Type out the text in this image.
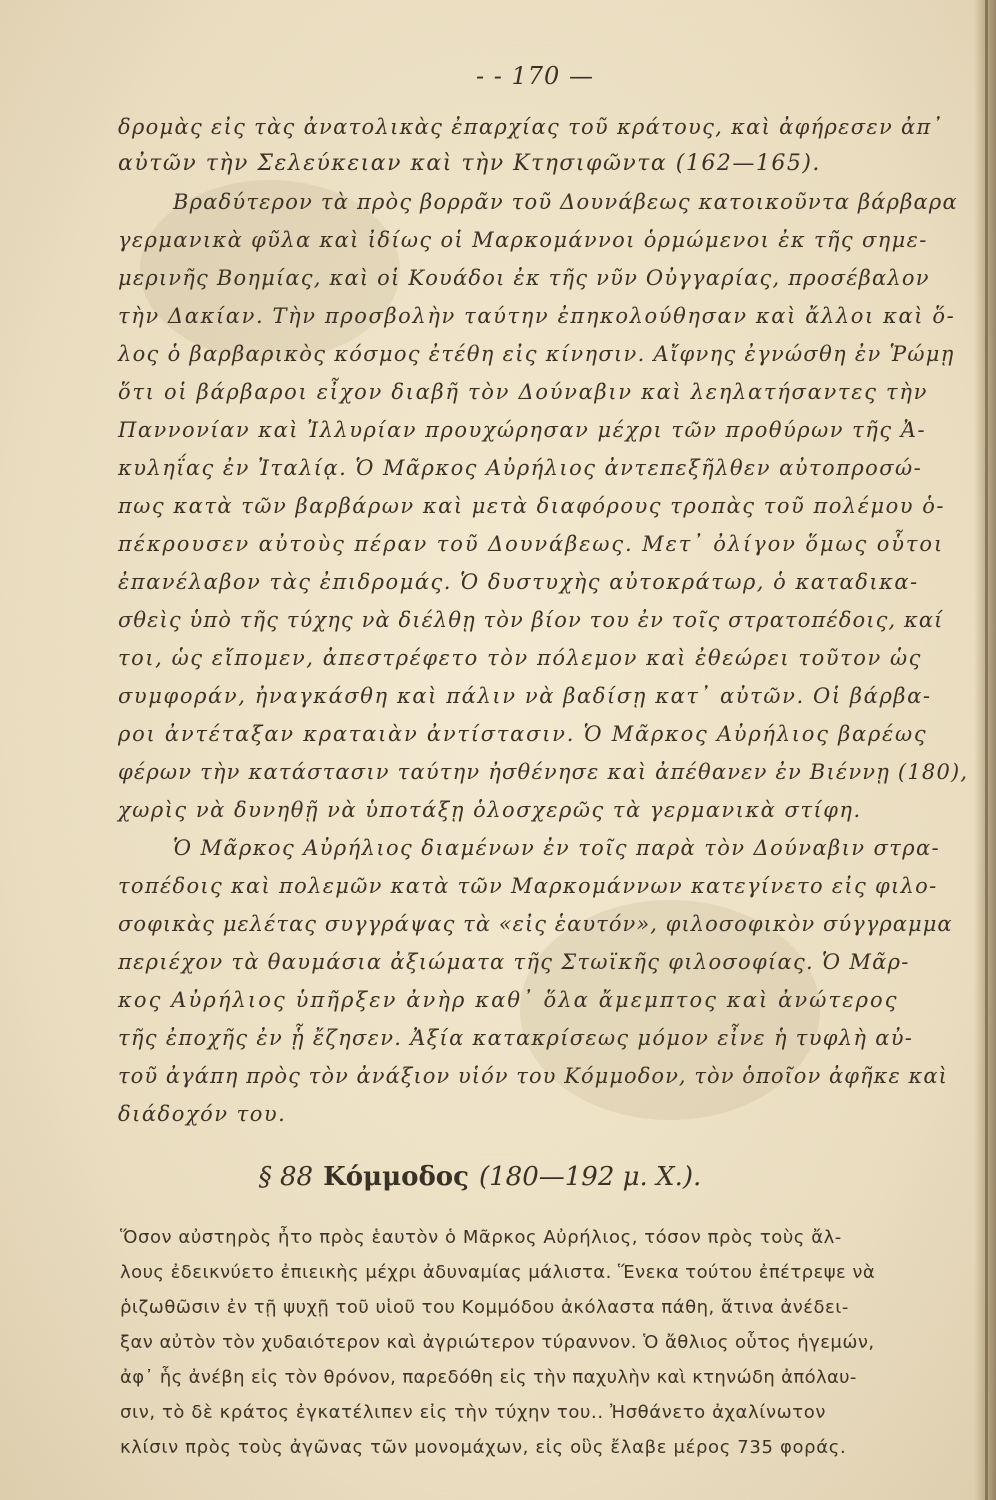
- - 170 —
δρομὰς εἰς τὰς ἀνατολικὰς ἐπαρχίας τοῦ κράτους, καὶ ἀφήρεσεν ἀπ᾽
αὐτῶν τὴν Σελεύκειαν καὶ τὴν Κτησιφῶντα (162—165).
Βραδύτερον τὰ πρὸς βορρᾶν τοῦ Δουνάβεως κατοικοῦντα βάρβαρα
γερμανικὰ φῦλα καὶ ἰδίως οἱ Μαρκομάννοι ὁρμώμενοι ἐκ τῆς σημε-
μερινῆς Βοημίας, καὶ οἱ Κουάδοι ἐκ τῆς νῦν Οὐγγαρίας, προσέβαλον
τὴν Δακίαν. Τὴν προσβολὴν ταύτην ἐπηκολούθησαν καὶ ἄλλοι καὶ ὅ-
λος ὁ βαρβαρικὸς κόσμος ἐτέθη εἰς κίνησιν. Αἴφνης ἐγνώσθη ἐν Ῥώμῃ
ὅτι οἱ βάρβαροι εἶχον διαβῆ τὸν Δούναβιν καὶ λεηλατήσαντες τὴν
Παννονίαν καὶ Ἰλλυρίαν προυχώρησαν μέχρι τῶν προθύρων τῆς Ἀ-
κυληΐας ἐν Ἰταλίᾳ. Ὁ Μᾶρκος Αὐρήλιος ἀντεπεξῆλθεν αὐτοπροσώ-
πως κατὰ τῶν βαρβάρων καὶ μετὰ διαφόρους τροπὰς τοῦ πολέμου ὁ-
πέκρουσεν αὐτοὺς πέραν τοῦ Δουνάβεως. Μετ᾽ ὀλίγον ὅμως οὗτοι
ἐπανέλαβον τὰς ἐπιδρομάς. Ὁ δυστυχὴς αὐτοκράτωρ, ὁ καταδικα-
σθεὶς ὑπὸ τῆς τύχης νὰ διέλθῃ τὸν βίον του ἐν τοῖς στρατοπέδοις, καί
τοι, ὡς εἴπομεν, ἀπεστρέφετο τὸν πόλεμον καὶ ἐθεώρει τοῦτον ὡς
συμφοράν, ἠναγκάσθη καὶ πάλιν νὰ βαδίσῃ κατ᾽ αὐτῶν. Οἱ βάρβα-
ροι ἀντέταξαν κραταιὰν ἀντίστασιν. Ὁ Μᾶρκος Αὐρήλιος βαρέως
φέρων τὴν κατάστασιν ταύτην ἠσθένησε καὶ ἀπέθανεν ἐν Βιέννῃ (180),
χωρὶς νὰ δυνηθῇ νὰ ὑποτάξῃ ὁλοσχερῶς τὰ γερμανικὰ στίφη.
Ὁ Μᾶρκος Αὐρήλιος διαμένων ἐν τοῖς παρὰ τὸν Δούναβιν στρα-
τοπέδοις καὶ πολεμῶν κατὰ τῶν Μαρκομάννων κατεγίνετο εἰς φιλο-
σοφικὰς μελέτας συγγράψας τὰ «εἰς ἑαυτόν», φιλοσοφικὸν σύγγραμμα
περιέχον τὰ θαυμάσια ἀξιώματα τῆς Στωϊκῆς φιλοσοφίας. Ὁ Μᾶρ-
κος Αὐρήλιος ὑπῆρξεν ἀνὴρ καθ᾽ ὅλα ἄμεμπτος καὶ ἀνώτερος
τῆς ἐποχῆς ἐν ᾗ ἔζησεν. Ἀξία κατακρίσεως μόμον εἶνε ἡ τυφλὴ αὐ-
τοῦ ἀγάπη πρὸς τὸν ἀνάξιον υἱόν του Κόμμοδον, τὸν ὁποῖον ἀφῆκε καὶ
διάδοχόν του.
§ 88 Κόμμοδος (180—192 μ. Χ.).
Ὅσον αὐστηρὸς ἦτο πρὸς ἑαυτὸν ὁ Μᾶρκος Αὐρήλιος, τόσον πρὸς τοὺς ἄλ-
λους ἐδεικνύετο ἐπιεικὴς μέχρι ἀδυναμίας μάλιστα. Ἕνεκα τούτου ἐπέτρεψε νὰ
ῥιζωθῶσιν ἐν τῇ ψυχῇ τοῦ υἱοῦ του Κομμόδου ἀκόλαστα πάθη, ἅτινα ἀνέδει-
ξαν αὐτὸν τὸν χυδαιότερον καὶ ἀγριώτερον τύραννον. Ὁ ἄθλιος οὗτος ἡγεμών,
ἀφ᾽ ἧς ἀνέβη εἰς τὸν θρόνον, παρεδόθη εἰς τὴν παχυλὴν καὶ κτηνώδη ἀπόλαυ-
σιν, τὸ δὲ κράτος ἐγκατέλιπεν εἰς τὴν τύχην του.. Ἠσθάνετο ἀχαλίνωτον
κλίσιν πρὸς τοὺς ἀγῶνας τῶν μονομάχων, εἰς οὓς ἔλαβε μέρος 735 φοράς.
